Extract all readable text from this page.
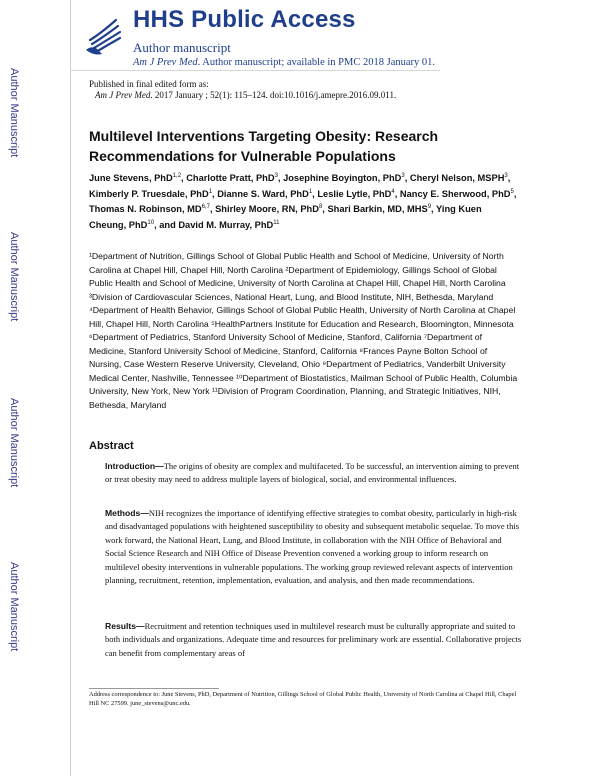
Author Manuscript
Author Manuscript
Author Manuscript
Author Manuscript
HHS Public Access
Author manuscript
Am J Prev Med. Author manuscript; available in PMC 2018 January 01.
Published in final edited form as:
Am J Prev Med. 2017 January ; 52(1): 115–124. doi:10.1016/j.amepre.2016.09.011.
Multilevel Interventions Targeting Obesity: Research Recommendations for Vulnerable Populations
June Stevens, PhD$^{1,2}$, Charlotte Pratt, PhD$^3$, Josephine Boyington, PhD$^3$, Cheryl Nelson, MSPH$^3$, Kimberly P. Truesdale, PhD$^1$, Dianne S. Ward, PhD$^1$, Leslie Lytle, PhD$^4$, Nancy E. Sherwood, PhD$^5$, Thomas N. Robinson, MD$^{6,7}$, Shirley Moore, RN, PhD$^8$, Shari Barkin, MD, MHS$^9$, Ying Kuen Cheung, PhD$^{10}$, and David M. Murray, PhD$^{11}$
¹Department of Nutrition, Gillings School of Global Public Health and School of Medicine, University of North Carolina at Chapel Hill, Chapel Hill, North Carolina ²Department of Epidemiology, Gillings School of Global Public Health and School of Medicine, University of North Carolina at Chapel Hill, Chapel Hill, North Carolina ³Division of Cardiovascular Sciences, National Heart, Lung, and Blood Institute, NIH, Bethesda, Maryland ⁴Department of Health Behavior, Gillings School of Global Public Health, University of North Carolina at Chapel Hill, Chapel Hill, North Carolina ⁵HealthPartners Institute for Education and Research, Bloomington, Minnesota ⁶Department of Pediatrics, Stanford University School of Medicine, Stanford, California ⁷Department of Medicine, Stanford University School of Medicine, Stanford, California ⁸Frances Payne Bolton School of Nursing, Case Western Reserve University, Cleveland, Ohio ⁹Department of Pediatrics, Vanderbilt University Medical Center, Nashville, Tennessee ¹⁰Department of Biostatistics, Mailman School of Public Health, Columbia University, New York, New York ¹¹Division of Program Coordination, Planning, and Strategic Initiatives, NIH, Bethesda, Maryland
Abstract
Introduction—The origins of obesity are complex and multifaceted. To be successful, an intervention aiming to prevent or treat obesity may need to address multiple layers of biological, social, and environmental influences.
Methods—NIH recognizes the importance of identifying effective strategies to combat obesity, particularly in high-risk and disadvantaged populations with heightened susceptibility to obesity and subsequent metabolic sequelae. To move this work forward, the National Heart, Lung, and Blood Institute, in collaboration with the NIH Office of Behavioral and Social Science Research and NIH Office of Disease Prevention convened a working group to inform research on multilevel obesity interventions in vulnerable populations. The working group reviewed relevant aspects of intervention planning, recruitment, retention, implementation, evaluation, and analysis, and then made recommendations.
Results—Recruitment and retention techniques used in multilevel research must be culturally appropriate and suited to both individuals and organizations. Adequate time and resources for preliminary work are essential. Collaborative projects can benefit from complementary areas of
Address correspondence to: June Stevens, PhD, Department of Nutrition, Gillings School of Global Public Health, University of North Carolina at Chapel Hill, Chapel Hill NC 27599. june_stevens@unc.edu.
